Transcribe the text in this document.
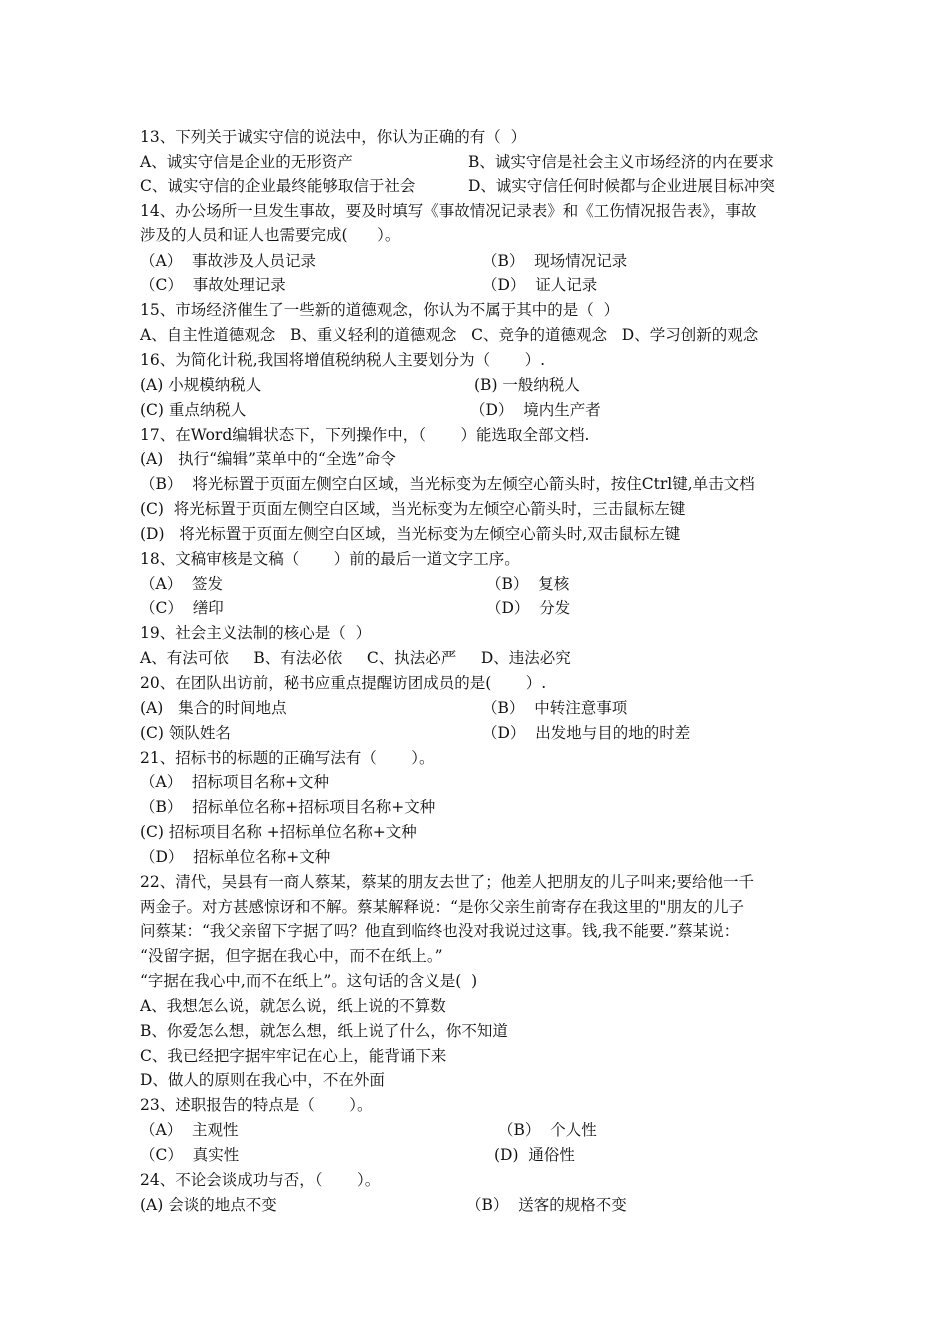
13、下列关于诚实守信的说法中，你认为正确的有（  ）
A、诚实守信是企业的无形资产	B、诚实守信是社会主义市场经济的内在要求
C、诚实守信的企业最终能够取信于社会	D、诚实守信任何时候都与企业进展目标冲突
14、办公场所一旦发生事故，要及时填写《事故情况记录表》和《工伤情况报告表》，事故
涉及的人员和证人也需要完成(      ）。
（A）  事故涉及人员记录	（B）  现场情况记录
（C）  事故处理记录	（D）  证人记录
15、市场经济催生了一些新的道德观念，你认为不属于其中的是（  ）
A、自主性道德观念   B、重义轻利的道德观念   C、竞争的道德观念   D、学习创新的观念
16、为简化计税,我国将增值税纳税人主要划分为（       ）.
(A) 小规模纳税人	(B) 一般纳税人
(C) 重点纳税人	（D）  境内生产者
17、在Word编辑状态下，下列操作中，（       ）能选取全部文档.
(A)   执行“编辑”菜单中的“全选”命令
（B）  将光标置于页面左侧空白区域，当光标变为左倾空心箭头时，按住Ctrl键,单击文档
(C)  将光标置于页面左侧空白区域，当光标变为左倾空心箭头时，三击鼠标左键
(D)   将光标置于页面左侧空白区域，当光标变为左倾空心箭头时,双击鼠标左键
18、文稿审核是文稿（       ）前的最后一道文字工序。
（A）  签发	（B）  复核
（C）  缮印	（D）  分发
19、社会主义法制的核心是（  ）
A、有法可依     B、有法必依     C、执法必严     D、违法必究
20、在团队出访前，秘书应重点提醒访团成员的是(       ）.
(A)   集合的时间地点	（B）  中转注意事项
(C) 领队姓名	（D）  出发地与目的地的时差
21、招标书的标题的正确写法有（       ）。
（A）  招标项目名称+文种
（B）  招标单位名称+招标项目名称+文种
(C) 招标项目名称 +招标单位名称+文种
（D）  招标单位名称+文种
22、清代，吴县有一商人蔡某，蔡某的朋友去世了；他差人把朋友的儿子叫来;要给他一千
两金子。对方甚感惊讶和不解。蔡某解释说：“是你父亲生前寄存在我这里的"朋友的儿子
问蔡某：“我父亲留下字据了吗？他直到临终也没对我说过这事。钱,我不能要.”蔡某说：
“没留字据，但字据在我心中，而不在纸上。”
“字据在我心中,而不在纸上”。这句话的含义是(  )
A、我想怎么说，就怎么说，纸上说的不算数
B、你爱怎么想，就怎么想，纸上说了什么，你不知道
C、我已经把字据牢牢记在心上，能背诵下来
D、做人的原则在我心中，不在外面
23、述职报告的特点是（       ）。
（A）  主观性	（B）  个人性
（C）  真实性	(D)  通俗性
24、不论会谈成功与否，（       ）。
(A) 会谈的地点不变	（B）  送客的规格不变
